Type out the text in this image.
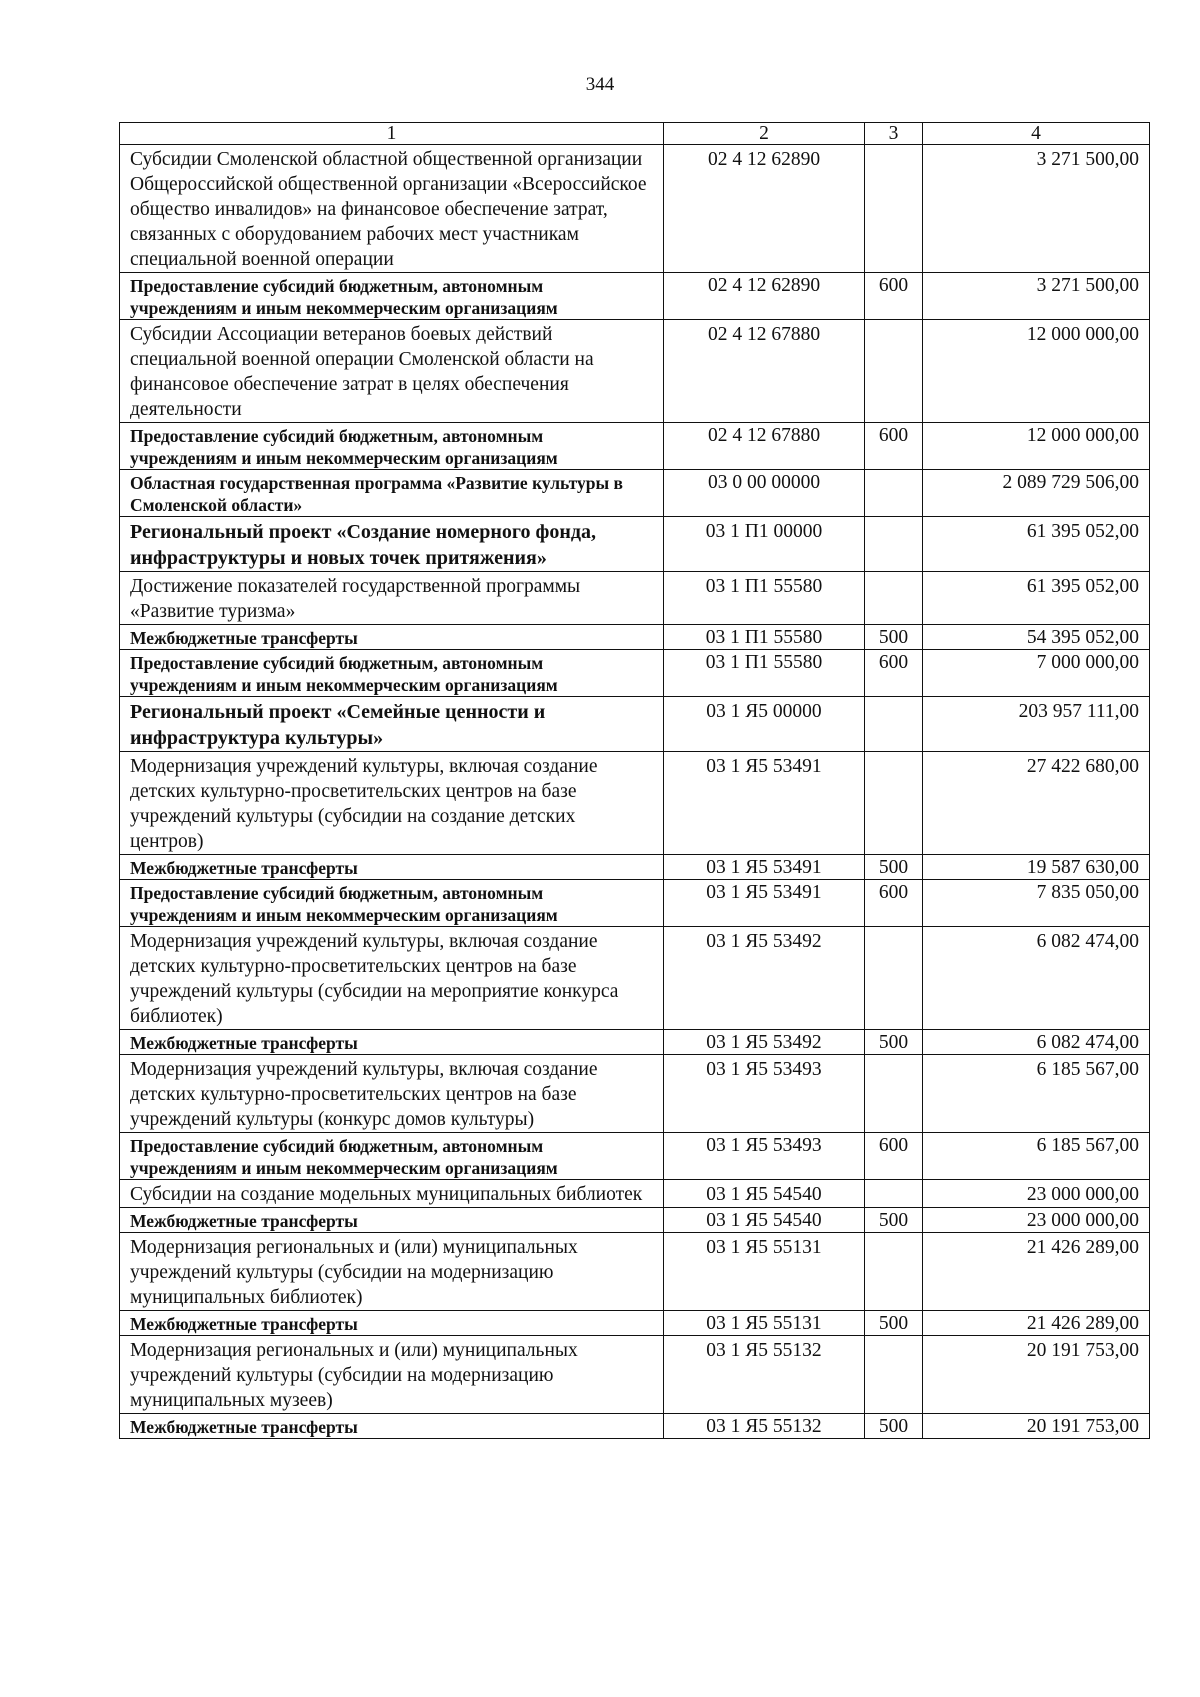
344
1	2	3	4
Субсидии Смоленской областной общественной организации Общероссийской общественной организации «Всероссийское общество инвалидов» на финансовое обеспечение затрат, связанных с оборудованием рабочих мест участникам специальной военной операции	02 4 12 62890		3 271 500,00
Предоставление субсидий бюджетным, автономным учреждениям и иным некоммерческим организациям	02 4 12 62890	600	3 271 500,00
Субсидии Ассоциации ветеранов боевых действий специальной военной операции Смоленской области на финансовое обеспечение затрат в целях обеспечения деятельности	02 4 12 67880		12 000 000,00
Предоставление субсидий бюджетным, автономным учреждениям и иным некоммерческим организациям	02 4 12 67880	600	12 000 000,00
Областная государственная программа «Развитие культуры в Смоленской области»	03 0 00 00000		2 089 729 506,00
Региональный проект «Создание номерного фонда, инфраструктуры и новых точек притяжения»	03 1 П1 00000		61 395 052,00
Достижение показателей государственной программы «Развитие туризма»	03 1 П1 55580		61 395 052,00
Межбюджетные трансферты	03 1 П1 55580	500	54 395 052,00
Предоставление субсидий бюджетным, автономным учреждениям и иным некоммерческим организациям	03 1 П1 55580	600	7 000 000,00
Региональный проект «Семейные ценности и инфраструктура культуры»	03 1 Я5 00000		203 957 111,00
Модернизация учреждений культуры, включая создание детских культурно-просветительских центров на базе учреждений культуры (субсидии на создание детских центров)	03 1 Я5 53491		27 422 680,00
Межбюджетные трансферты	03 1 Я5 53491	500	19 587 630,00
Предоставление субсидий бюджетным, автономным учреждениям и иным некоммерческим организациям	03 1 Я5 53491	600	7 835 050,00
Модернизация учреждений культуры, включая создание детских культурно-просветительских центров на базе учреждений культуры (субсидии на мероприятие конкурса библиотек)	03 1 Я5 53492		6 082 474,00
Межбюджетные трансферты	03 1 Я5 53492	500	6 082 474,00
Модернизация учреждений культуры, включая создание детских культурно-просветительских центров на базе учреждений культуры (конкурс домов культуры)	03 1 Я5 53493		6 185 567,00
Предоставление субсидий бюджетным, автономным учреждениям и иным некоммерческим организациям	03 1 Я5 53493	600	6 185 567,00
Субсидии на создание модельных муниципальных библиотек	03 1 Я5 54540		23 000 000,00
Межбюджетные трансферты	03 1 Я5 54540	500	23 000 000,00
Модернизация региональных и (или) муниципальных учреждений культуры (субсидии на модернизацию муниципальных библиотек)	03 1 Я5 55131		21 426 289,00
Межбюджетные трансферты	03 1 Я5 55131	500	21 426 289,00
Модернизация региональных и (или) муниципальных учреждений культуры (субсидии на модернизацию муниципальных музеев)	03 1 Я5 55132		20 191 753,00
Межбюджетные трансферты	03 1 Я5 55132	500	20 191 753,00
